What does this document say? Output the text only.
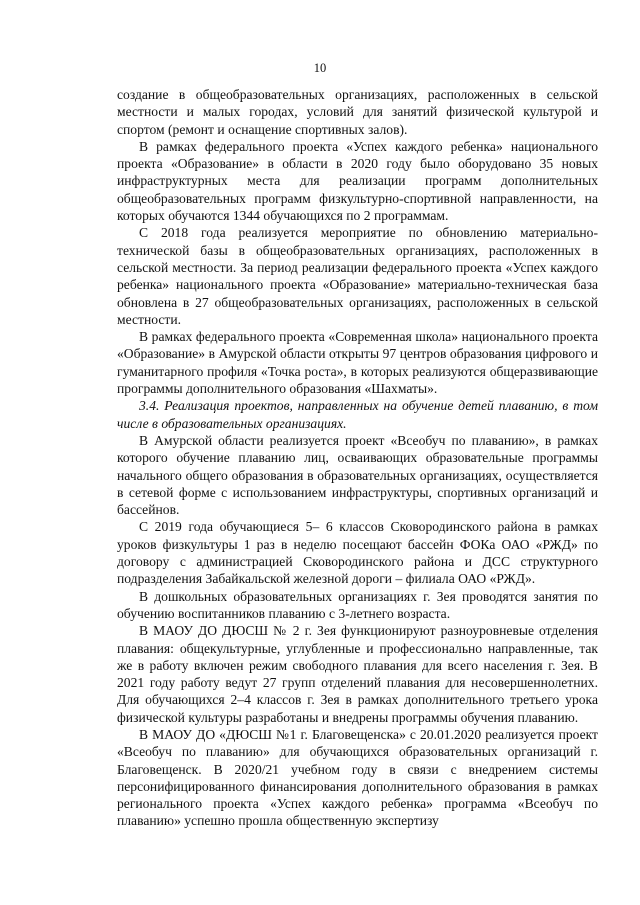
10

создание в общеобразовательных организациях, расположенных в сельской местности и малых городах, условий для занятий физической культурой и спортом (ремонт и оснащение спортивных залов).

В рамках федерального проекта «Успех каждого ребенка» национального проекта «Образование» в области в 2020 году было оборудовано 35 новых инфраструктурных места для реализации программ дополнительных общеобразовательных программ физкультурно-спортивной направленности, на которых обучаются 1344 обучающихся по 2 программам.

С 2018 года реализуется мероприятие по обновлению материально-технической базы в общеобразовательных организациях, расположенных в сельской местности. За период реализации федерального проекта «Успех каждого ребенка» национального проекта «Образование» материально-техническая база обновлена в 27 общеобразовательных организациях, расположенных в сельской местности.

В рамках федерального проекта «Современная школа» национального проекта «Образование» в Амурской области открыты 97 центров образования цифрового и гуманитарного профиля «Точка роста», в которых реализуются общеразвивающие программы дополнительного образования «Шахматы».

3.4. Реализация проектов, направленных на обучение детей плаванию, в том числе в образовательных организациях.

В Амурской области реализуется проект «Всеобуч по плаванию», в рамках которого обучение плаванию лиц, осваивающих образовательные программы начального общего образования в образовательных организациях, осуществляется в сетевой форме с использованием инфраструктуры, спортивных организаций и бассейнов.

С 2019 года обучающиеся 5– 6 классов Сковородинского района в рамках уроков физкультуры 1 раз в неделю посещают бассейн ФОКа ОАО «РЖД» по договору с администрацией Сковородинского района и ДСС структурного подразделения Забайкальской железной дороги – филиала ОАО «РЖД».

В дошкольных образовательных организациях г. Зея проводятся занятия по обучению воспитанников плаванию с 3-летнего возраста.

В МАОУ ДО ДЮСШ № 2 г. Зея функционируют разноуровневые отделения плавания: общекультурные, углубленные и профессионально направленные, так же в работу включен режим свободного плавания для всего населения г. Зея. В 2021 году работу ведут 27 групп отделений плавания для несовершеннолетних. Для обучающихся 2–4 классов г. Зея в рамках дополнительного третьего урока физической культуры разработаны и внедрены программы обучения плаванию.

В МАОУ ДО «ДЮСШ №1 г. Благовещенска» с 20.01.2020 реализуется проект «Всеобуч по плаванию» для обучающихся образовательных организаций г. Благовещенск. В 2020/21 учебном году в связи с внедрением системы персонифицированного финансирования дополнительного образования в рамках регионального проекта «Успех каждого ребенка» программа «Всеобуч по плаванию» успешно прошла общественную экспертизу
